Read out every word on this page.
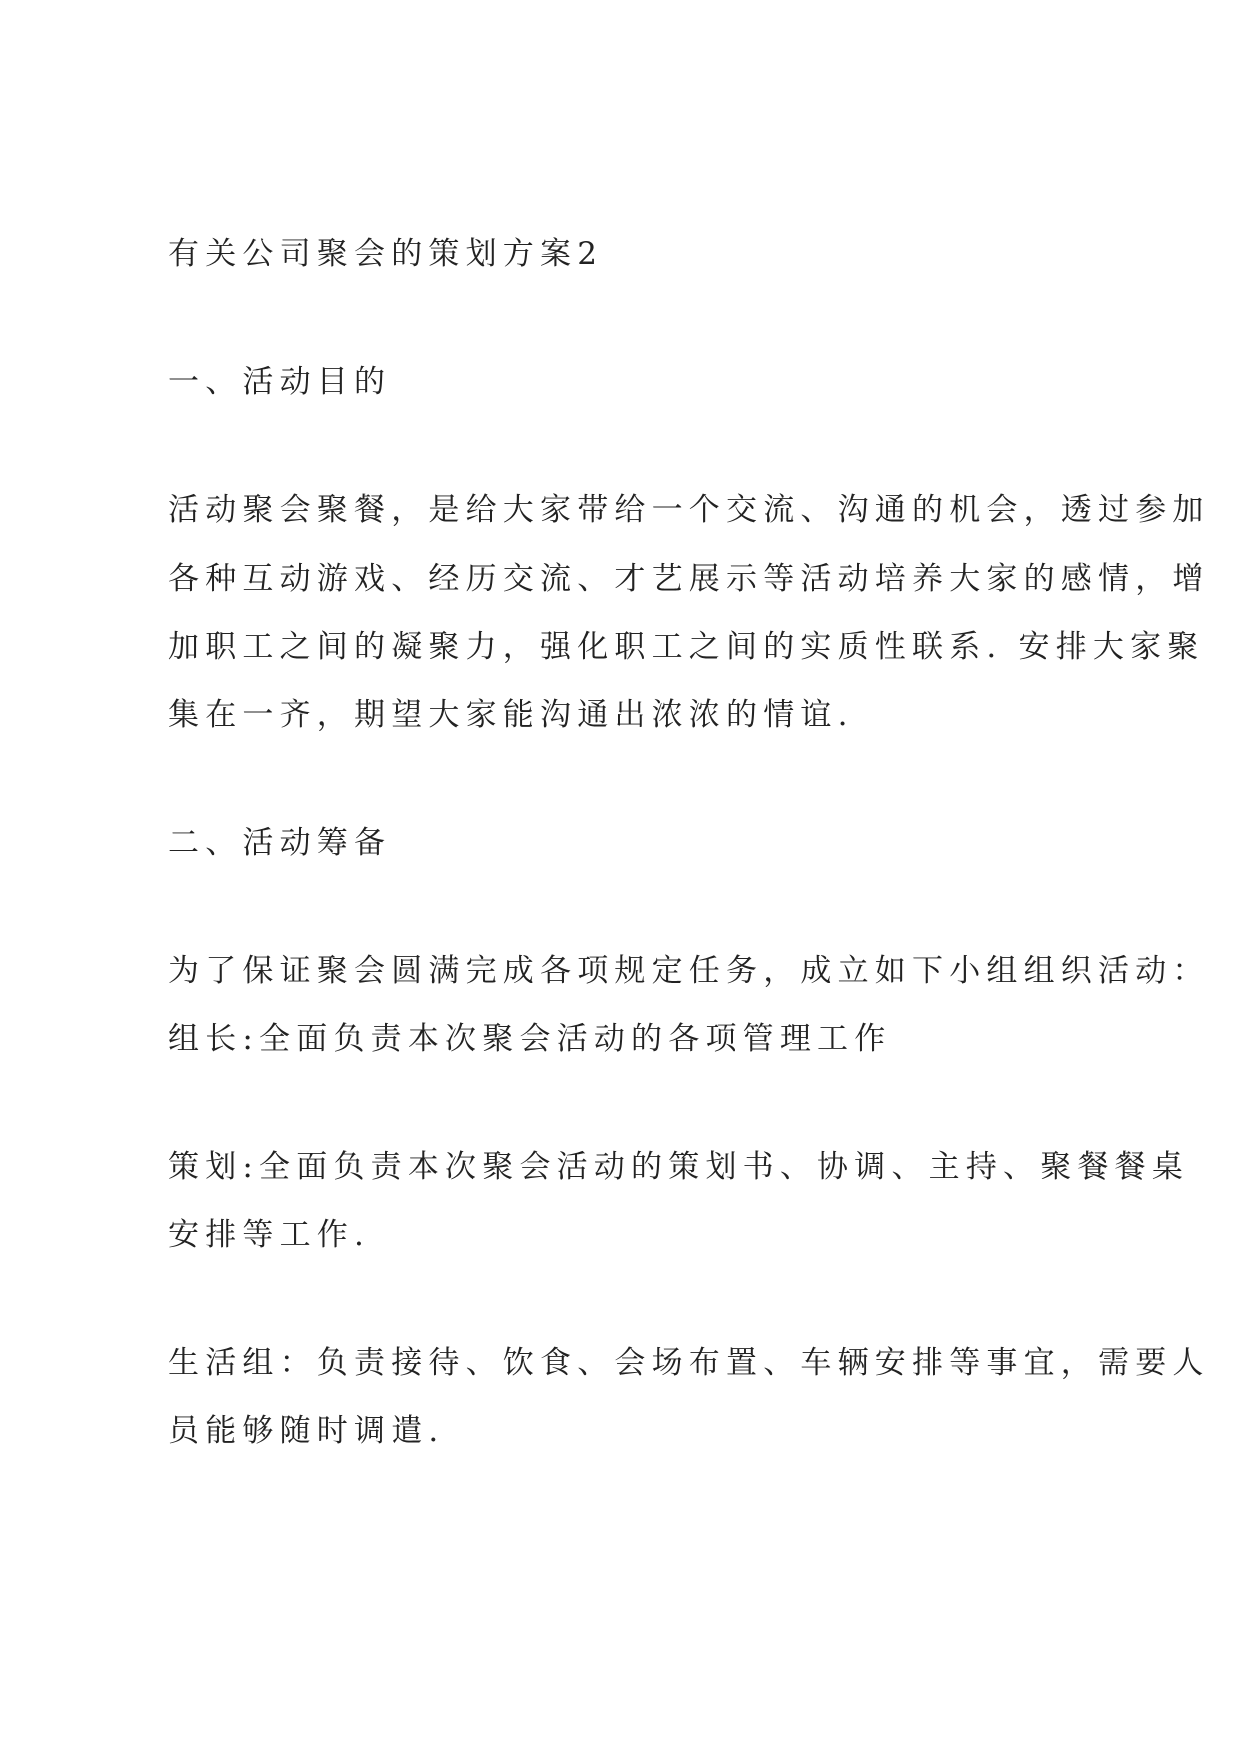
有关公司聚会的策划方案2
一、活动目的
活动聚会聚餐，是给大家带给一个交流、沟通的机会，透过参加
各种互动游戏、经历交流、才艺展示等活动培养大家的感情，增
加职工之间的凝聚力，强化职工之间的实质性联系. 安排大家聚
集在一齐，期望大家能沟通出浓浓的情谊.
二、活动筹备
为了保证聚会圆满完成各项规定任务，成立如下小组组织活动：
组长:全面负责本次聚会活动的各项管理工作
策划:全面负责本次聚会活动的策划书、协调、主持、聚餐餐桌
安排等工作.
生活组：负责接待、饮食、会场布置、车辆安排等事宜，需要人
员能够随时调遣.
